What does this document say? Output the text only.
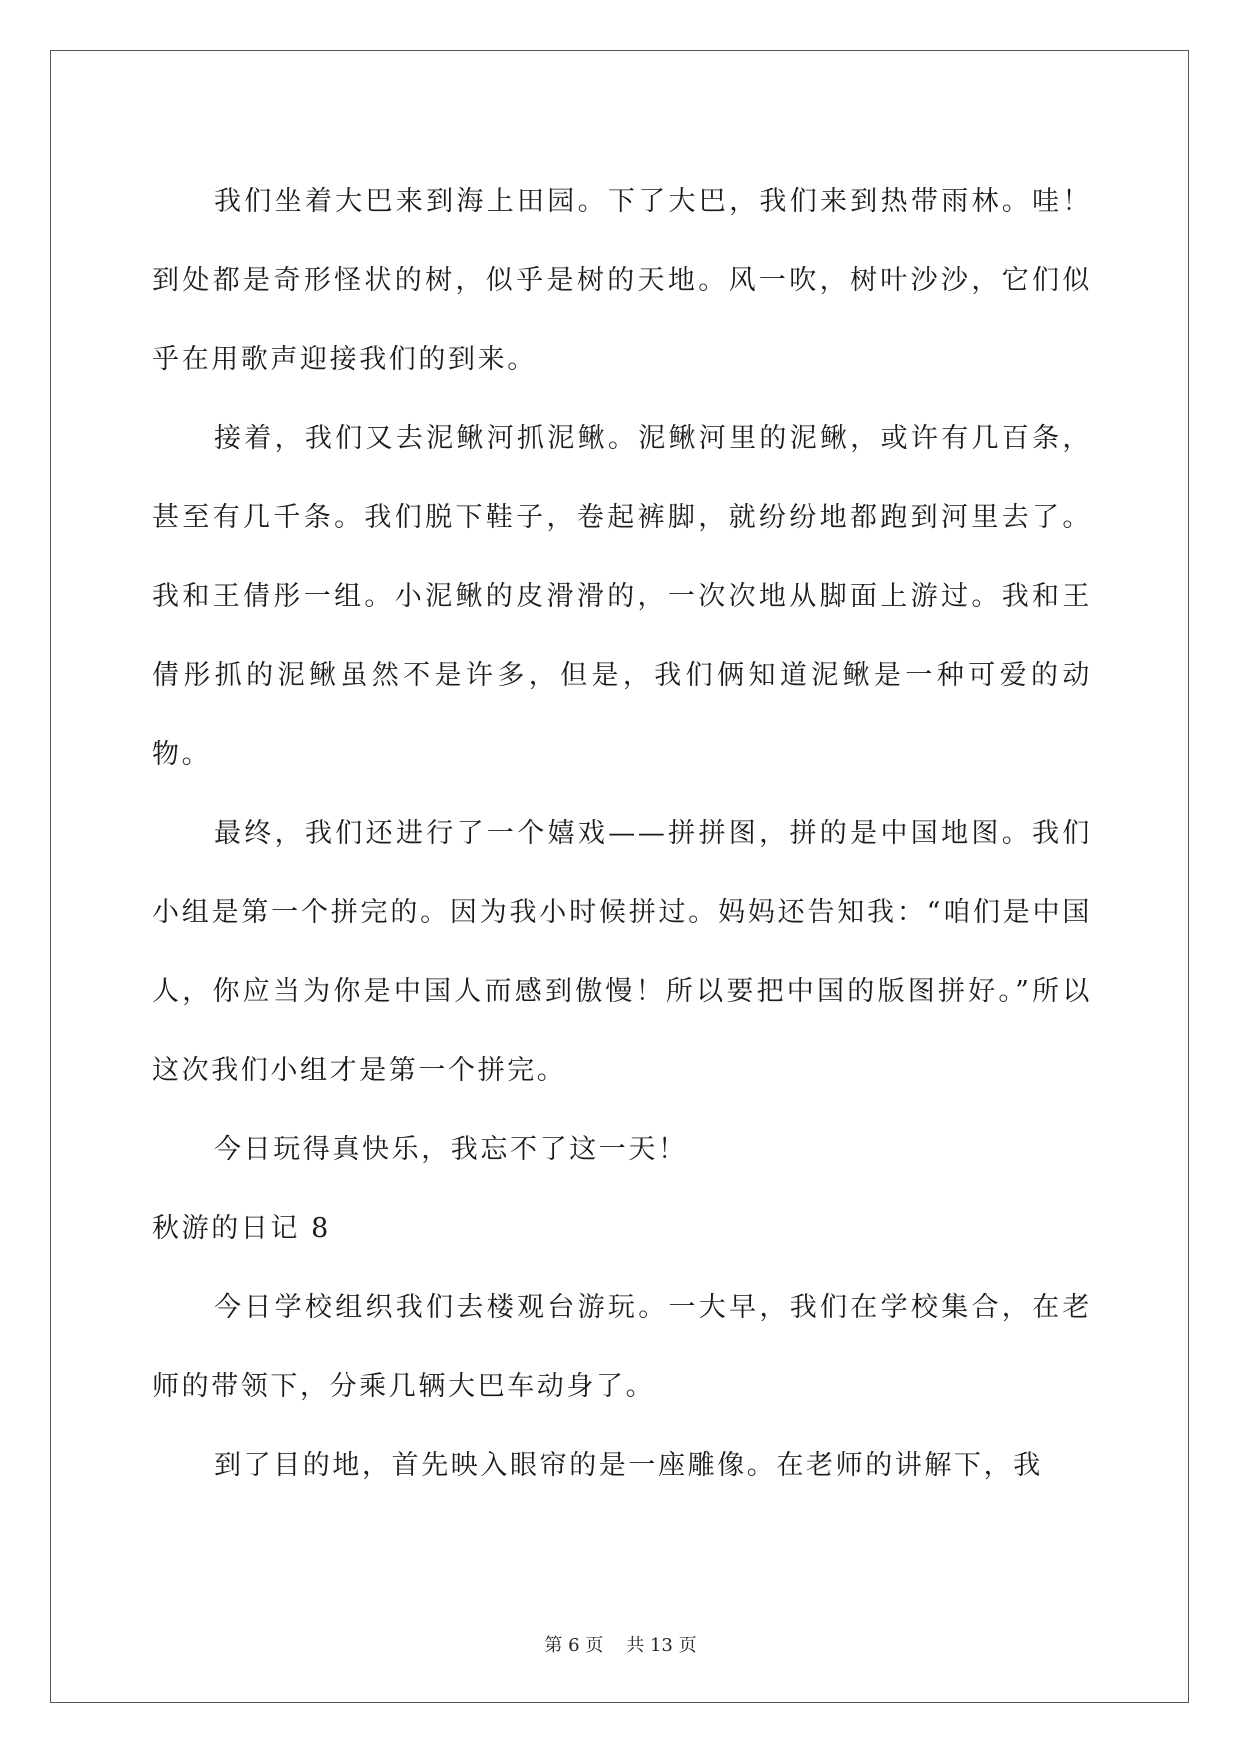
我们坐着大巴来到海上田园。下了大巴，我们来到热带雨林。哇！到处都是奇形怪状的树，似乎是树的天地。风一吹，树叶沙沙，它们似乎在用歌声迎接我们的到来。

接着，我们又去泥鳅河抓泥鳅。泥鳅河里的泥鳅，或许有几百条，甚至有几千条。我们脱下鞋子，卷起裤脚，就纷纷地都跑到河里去了。我和王倩彤一组。小泥鳅的皮滑滑的，一次次地从脚面上游过。我和王倩彤抓的泥鳅虽然不是许多，但是，我们俩知道泥鳅是一种可爱的动物。

最终，我们还进行了一个嬉戏——拼拼图，拼的是中国地图。我们小组是第一个拼完的。因为我小时候拼过。妈妈还告知我：“咱们是中国人，你应当为你是中国人而感到傲慢！所以要把中国的版图拼好。”所以这次我们小组才是第一个拼完。

今日玩得真快乐，我忘不了这一天！

秋游的日记 8

今日学校组织我们去楼观台游玩。一大早，我们在学校集合，在老师的带领下，分乘几辆大巴车动身了。

到了目的地，首先映入眼帘的是一座雕像。在老师的讲解下，我

第 6 页 共 13 页
